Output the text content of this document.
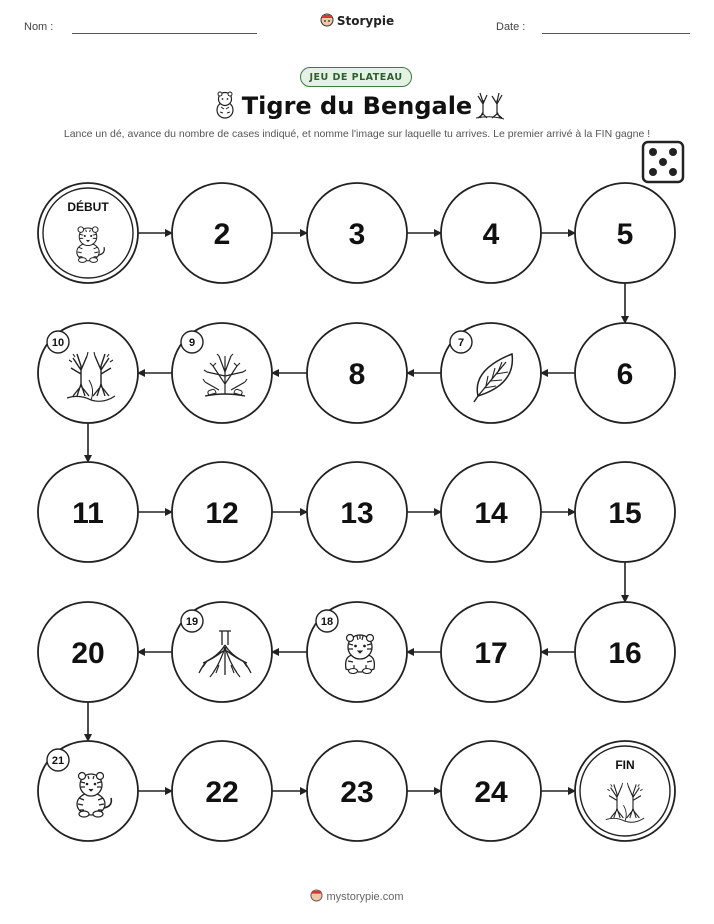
Nom :	Storypie	Date :
JEU DE PLATEAU
Tigre du Bengale
Lance un dé, avance du nombre de cases indiqué, et nomme l'image sur laquelle tu arrives. Le premier arrivé à la FIN gagne !
DÉBUT
2	3	4	5
6
7
8
9
10
11	12	13	14	15
16
17
18
19
20
21
22	23	24
FIN
mystorypie.com
